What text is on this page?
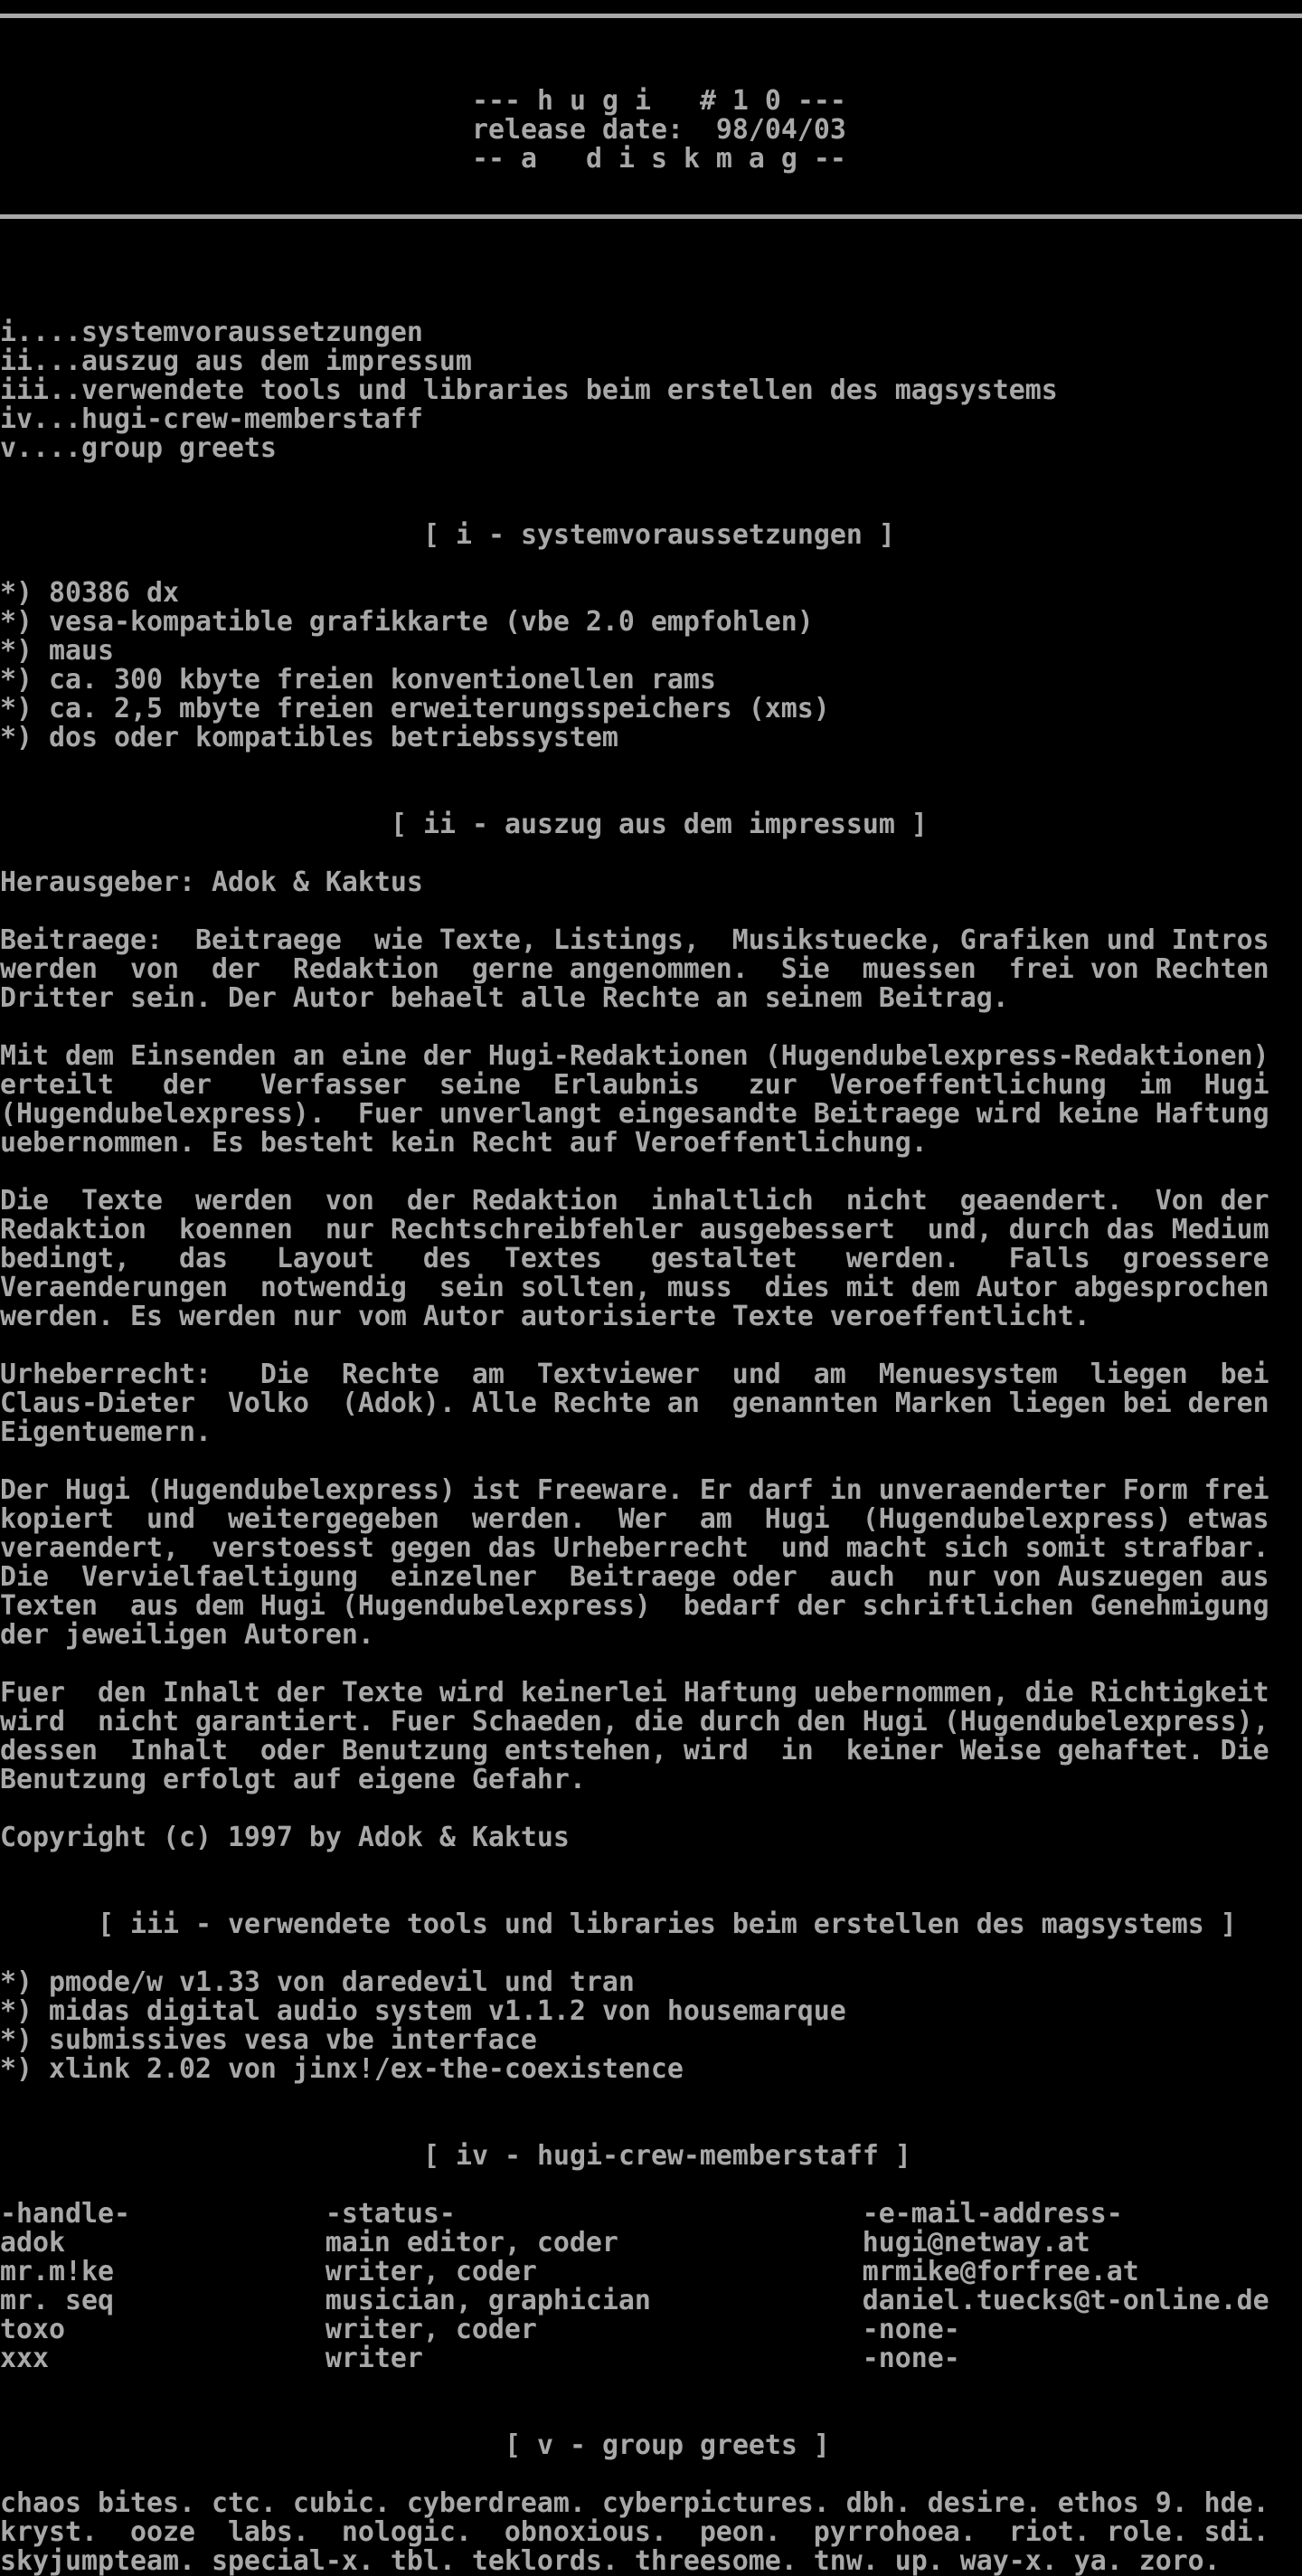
--- h u g i   # 1 0 ---
release date:  98/04/03
-- a   d i s k m a g --
i....systemvoraussetzungen
ii...auszug aus dem impressum
iii..verwendete tools und libraries beim erstellen des magsystems
iv...hugi-crew-memberstaff
v....group greets
[ i - systemvoraussetzungen ]
*) 80386 dx
*) vesa-kompatible grafikkarte (vbe 2.0 empfohlen)
*) maus
*) ca. 300 kbyte freien konventionellen rams
*) ca. 2,5 mbyte freien erweiterungsspeichers (xms)
*) dos oder kompatibles betriebssystem
[ ii - auszug aus dem impressum ]
Herausgeber: Adok & Kaktus
Beitraege:  Beitraege  wie Texte, Listings,  Musikstuecke, Grafiken und Intros
werden  von  der  Redaktion  gerne angenommen.  Sie  muessen  frei von Rechten
Dritter sein. Der Autor behaelt alle Rechte an seinem Beitrag.
Mit dem Einsenden an eine der Hugi-Redaktionen (Hugendubelexpress-Redaktionen)
erteilt   der   Verfasser  seine  Erlaubnis   zur  Veroeffentlichung  im  Hugi
(Hugendubelexpress).  Fuer unverlangt eingesandte Beitraege wird keine Haftung
uebernommen. Es besteht kein Recht auf Veroeffentlichung.
Die  Texte  werden  von  der Redaktion  inhaltlich  nicht  geaendert.  Von der
Redaktion  koennen  nur Rechtschreibfehler ausgebessert  und, durch das Medium
bedingt,   das   Layout   des  Textes   gestaltet   werden.   Falls  groessere
Veraenderungen  notwendig  sein sollten, muss  dies mit dem Autor abgesprochen
werden. Es werden nur vom Autor autorisierte Texte veroeffentlicht.
Urheberrecht:   Die  Rechte  am  Textviewer  und  am  Menuesystem  liegen  bei
Claus-Dieter  Volko  (Adok). Alle Rechte an  genannten Marken liegen bei deren
Eigentuemern.
Der Hugi (Hugendubelexpress) ist Freeware. Er darf in unveraenderter Form frei
kopiert  und  weitergegeben  werden.  Wer  am  Hugi  (Hugendubelexpress) etwas
veraendert,  verstoesst gegen das Urheberrecht  und macht sich somit strafbar.
Die  Vervielfaeltigung  einzelner  Beitraege oder  auch  nur von Auszuegen aus
Texten  aus dem Hugi (Hugendubelexpress)  bedarf der schriftlichen Genehmigung
der jeweiligen Autoren.
Fuer  den Inhalt der Texte wird keinerlei Haftung uebernommen, die Richtigkeit
wird  nicht garantiert. Fuer Schaeden, die durch den Hugi (Hugendubelexpress),
dessen  Inhalt  oder Benutzung entstehen, wird  in  keiner Weise gehaftet. Die
Benutzung erfolgt auf eigene Gefahr.
Copyright (c) 1997 by Adok & Kaktus
[ iii - verwendete tools und libraries beim erstellen des magsystems ]
*) pmode/w v1.33 von daredevil und tran
*) midas digital audio system v1.1.2 von housemarque
*) submissives vesa vbe interface
*) xlink 2.02 von jinx!/ex-the-coexistence
[ iv - hugi-crew-memberstaff ]
-handle-            -status-                         -e-mail-address-
adok                main editor, coder               hugi@netway.at
mr.m!ke             writer, coder                    mrmike@forfree.at
mr. seq             musician, graphician             daniel.tuecks@t-online.de
toxo                writer, coder                    -none-
xxx                 writer                           -none-
[ v - group greets ]
chaos bites. ctc. cubic. cyberdream. cyberpictures. dbh. desire. ethos 9. hde.
kryst.  ooze  labs.  nologic.  obnoxious.  peon.  pyrrohoea.  riot. role. sdi.
skyjumpteam. special-x. tbl. teklords. threesome. tnw. up. way-x. ya. zoro.
